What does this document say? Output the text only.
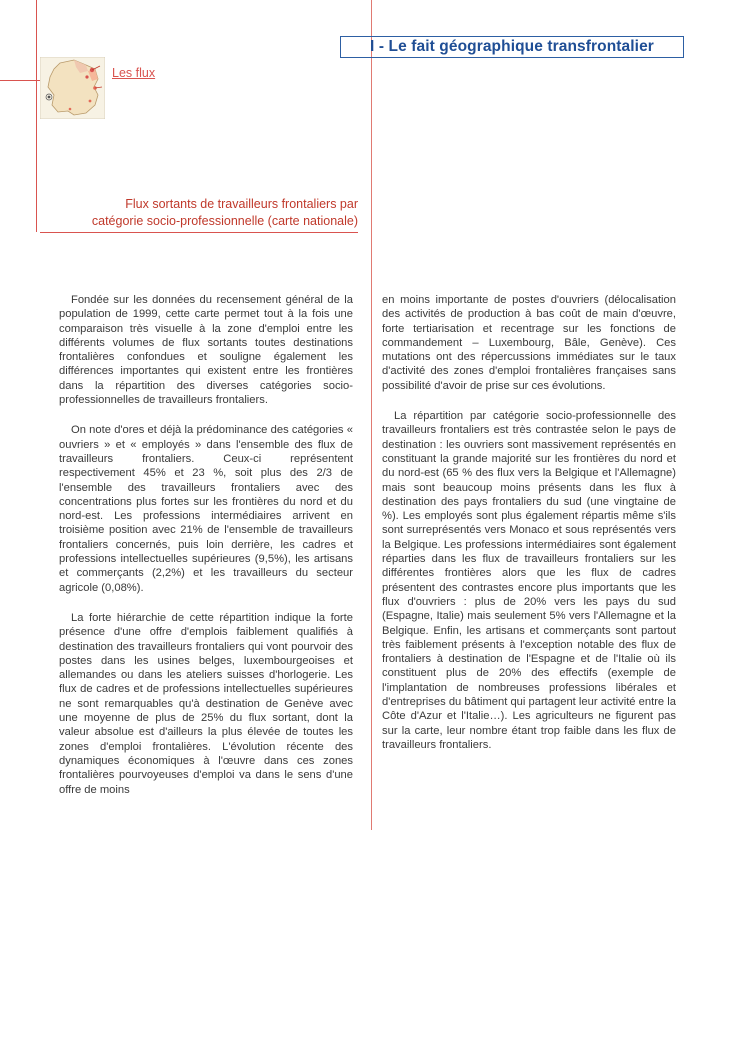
I - Le fait géographique transfrontalier
Les flux
Flux sortants de travailleurs frontaliers par
catégorie socio-professionnelle (carte nationale)

Fondée sur les données du recensement général de la population de 1999, cette carte permet tout à la fois une comparaison très visuelle à la zone d'emploi entre les différents volumes de flux sortants toutes destinations frontalières confondues et souligne également les différences importantes qui existent entre les frontières dans la répartition des diverses catégories socio-professionnelles de travailleurs frontaliers.

On note d'ores et déjà la prédominance des catégories « ouvriers » et « employés » dans l'ensemble des flux de travailleurs frontaliers. Ceux-ci représentent respectivement 45% et 23 %, soit plus des 2/3 de l'ensemble des travailleurs frontaliers avec des concentrations plus fortes sur les frontières du nord et du nord-est. Les professions intermédiaires arrivent en troisième position avec 21% de l'ensemble de travailleurs frontaliers concernés, puis loin derrière, les cadres et professions intellectuelles supérieures (9,5%), les artisans et commerçants (2,2%) et les travailleurs du secteur agricole (0,08%).

La forte hiérarchie de cette répartition indique la forte présence d'une offre d'emplois faiblement qualifiés à destination des travailleurs frontaliers qui vont pourvoir des postes dans les usines belges, luxembourgeoises et allemandes ou dans les ateliers suisses d'horlogerie. Les flux de cadres et de professions intellectuelles supérieures ne sont remarquables qu'à destination de Genève avec une moyenne de plus de 25% du flux sortant, dont la valeur absolue est d'ailleurs la plus élevée de toutes les zones d'emploi frontalières. L'évolution récente des dynamiques économiques à l'œuvre dans ces zones frontalières pourvoyeuses d'emploi va dans le sens d'une offre de moins

en moins importante de postes d'ouvriers (délocalisation des activités de production à bas coût de main d'œuvre, forte tertiarisation et recentrage sur les fonctions de commandement – Luxembourg, Bâle, Genève). Ces mutations ont des répercussions immédiates sur le taux d'activité des zones d'emploi frontalières françaises sans possibilité d'avoir de prise sur ces évolutions.

La répartition par catégorie socio-professionnelle des travailleurs frontaliers est très contrastée selon le pays de destination : les ouvriers sont massivement représentés en constituant la grande majorité sur les frontières du nord et du nord-est (65 % des flux vers la Belgique et l'Allemagne) mais sont beaucoup moins présents dans les flux à destination des pays frontaliers du sud (une vingtaine de %). Les employés sont plus également répartis même s'ils sont surreprésentés vers Monaco et sous représentés vers la Belgique. Les professions intermédiaires sont également réparties dans les flux de travailleurs frontaliers sur les différentes frontières alors que les flux de cadres présentent des contrastes encore plus importants que les flux d'ouvriers : plus de 20% vers les pays du sud (Espagne, Italie) mais seulement 5% vers l'Allemagne et la Belgique. Enfin, les artisans et commerçants sont partout très faiblement présents à l'exception notable des flux de frontaliers à destination de l'Espagne et de l'Italie où ils constituent plus de 20% des effectifs (exemple de l'implantation de nombreuses professions libérales et d'entreprises du bâtiment qui partagent leur activité entre la Côte d'Azur et l'Italie…). Les agriculteurs ne figurent pas sur la carte, leur nombre étant trop faible dans les flux de travailleurs frontaliers.
